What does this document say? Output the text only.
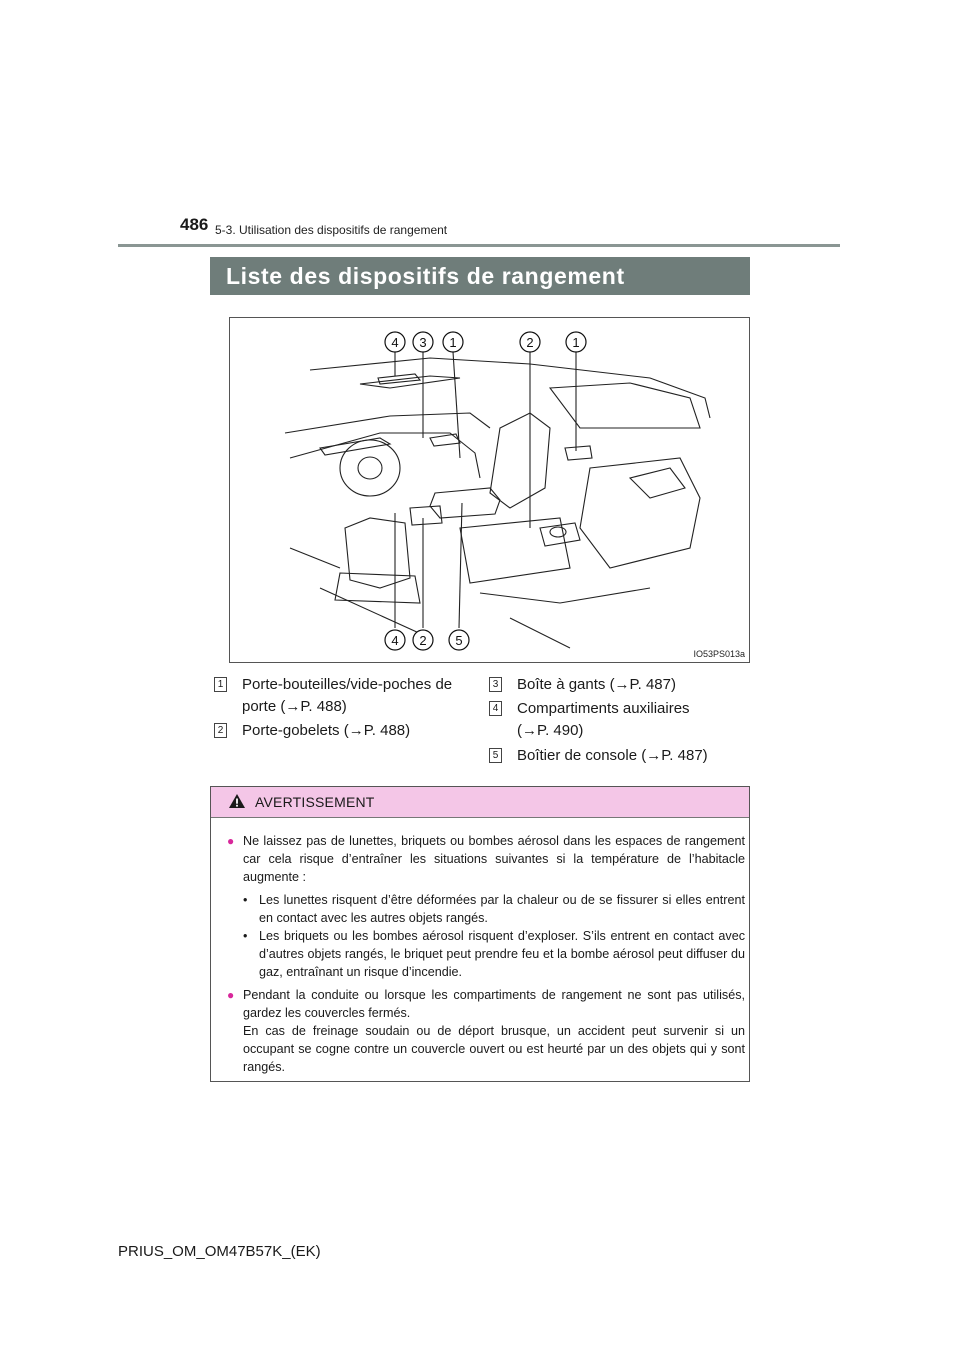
486 5-3. Utilisation des dispositifs de rangement
Liste des dispositifs de rangement
4 3 1	2	1
4 2 5
IO53PS013a
1 Porte-bouteilles/vide-poches de
porte (→P. 488)
2 Porte-gobelets (→P. 488)
3 Boîte à gants (→P. 487)
4 Compartiments auxiliaires
(→P. 490)
5 Boîtier de console (→P. 487)
AVERTISSEMENT
● Ne laissez pas de lunettes, briquets ou bombes aérosol dans les espaces de rangement car cela risque d’entraîner les situations suivantes si la température de l’habitacle augmente :
• Les lunettes risquent d’être déformées par la chaleur ou de se fissurer si elles entrent en contact avec les autres objets rangés.
• Les briquets ou les bombes aérosol risquent d’exploser. S’ils entrent en contact avec d’autres objets rangés, le briquet peut prendre feu et la bombe aérosol peut diffuser du gaz, entraînant un risque d’incendie.
● Pendant la conduite ou lorsque les compartiments de rangement ne sont pas utilisés, gardez les couvercles fermés.
En cas de freinage soudain ou de déport brusque, un accident peut survenir si un occupant se cogne contre un couvercle ouvert ou est heurté par un des objets qui y sont rangés.
PRIUS_OM_OM47B57K_(EK)
